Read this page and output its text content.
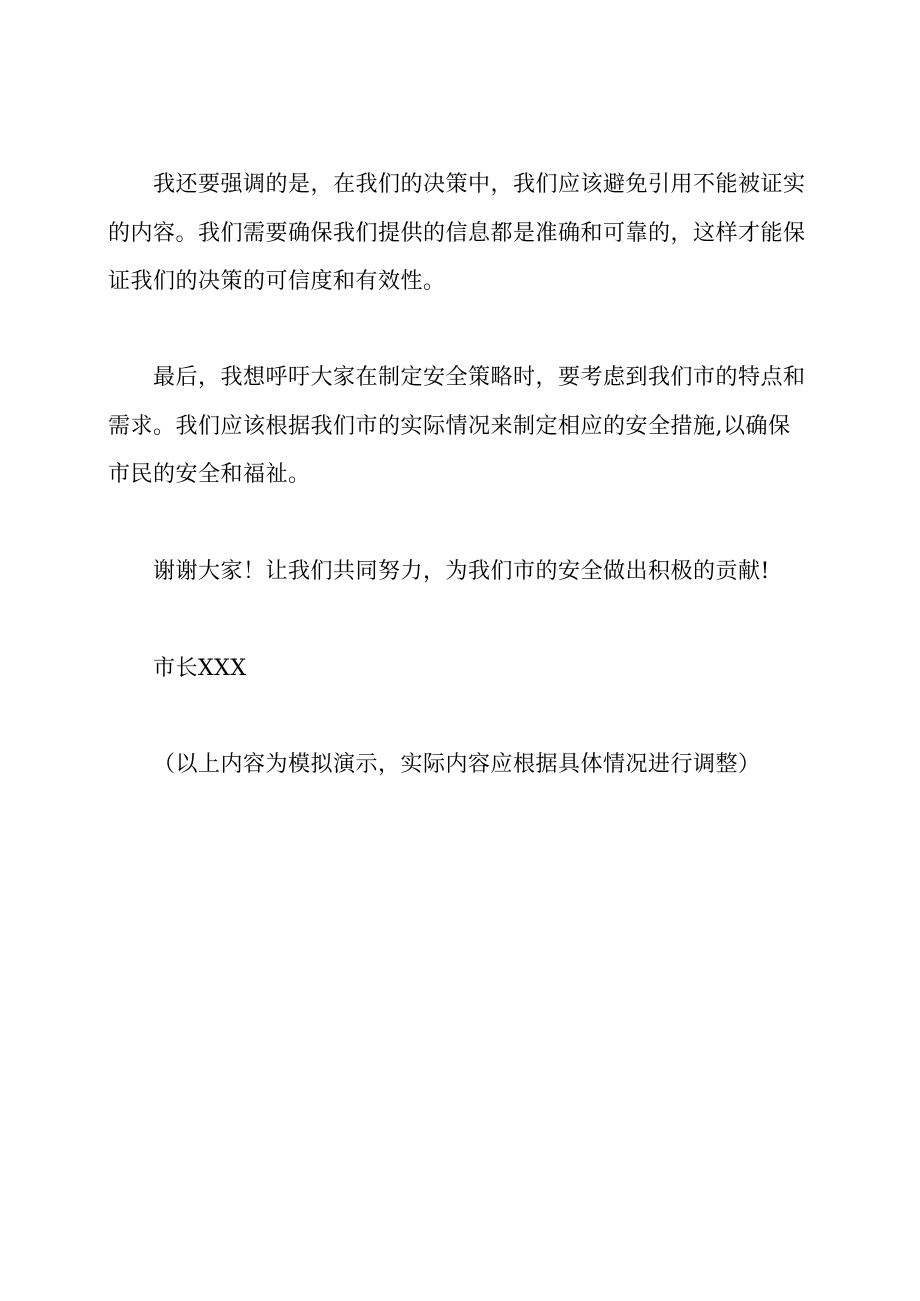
我还要强调的是，在我们的决策中，我们应该避免引用不能被证实
的内容。我们需要确保我们提供的信息都是准确和可靠的，这样才能保
证我们的决策的可信度和有效性。
最后，我想呼吁大家在制定安全策略时，要考虑到我们市的特点和
需求。我们应该根据我们市的实际情况来制定相应的安全措施,以确保
市民的安全和福祉。
谢谢大家！让我们共同努力，为我们市的安全做出积极的贡献!
市长XXX
（以上内容为模拟演示，实际内容应根据具体情况进行调整）
